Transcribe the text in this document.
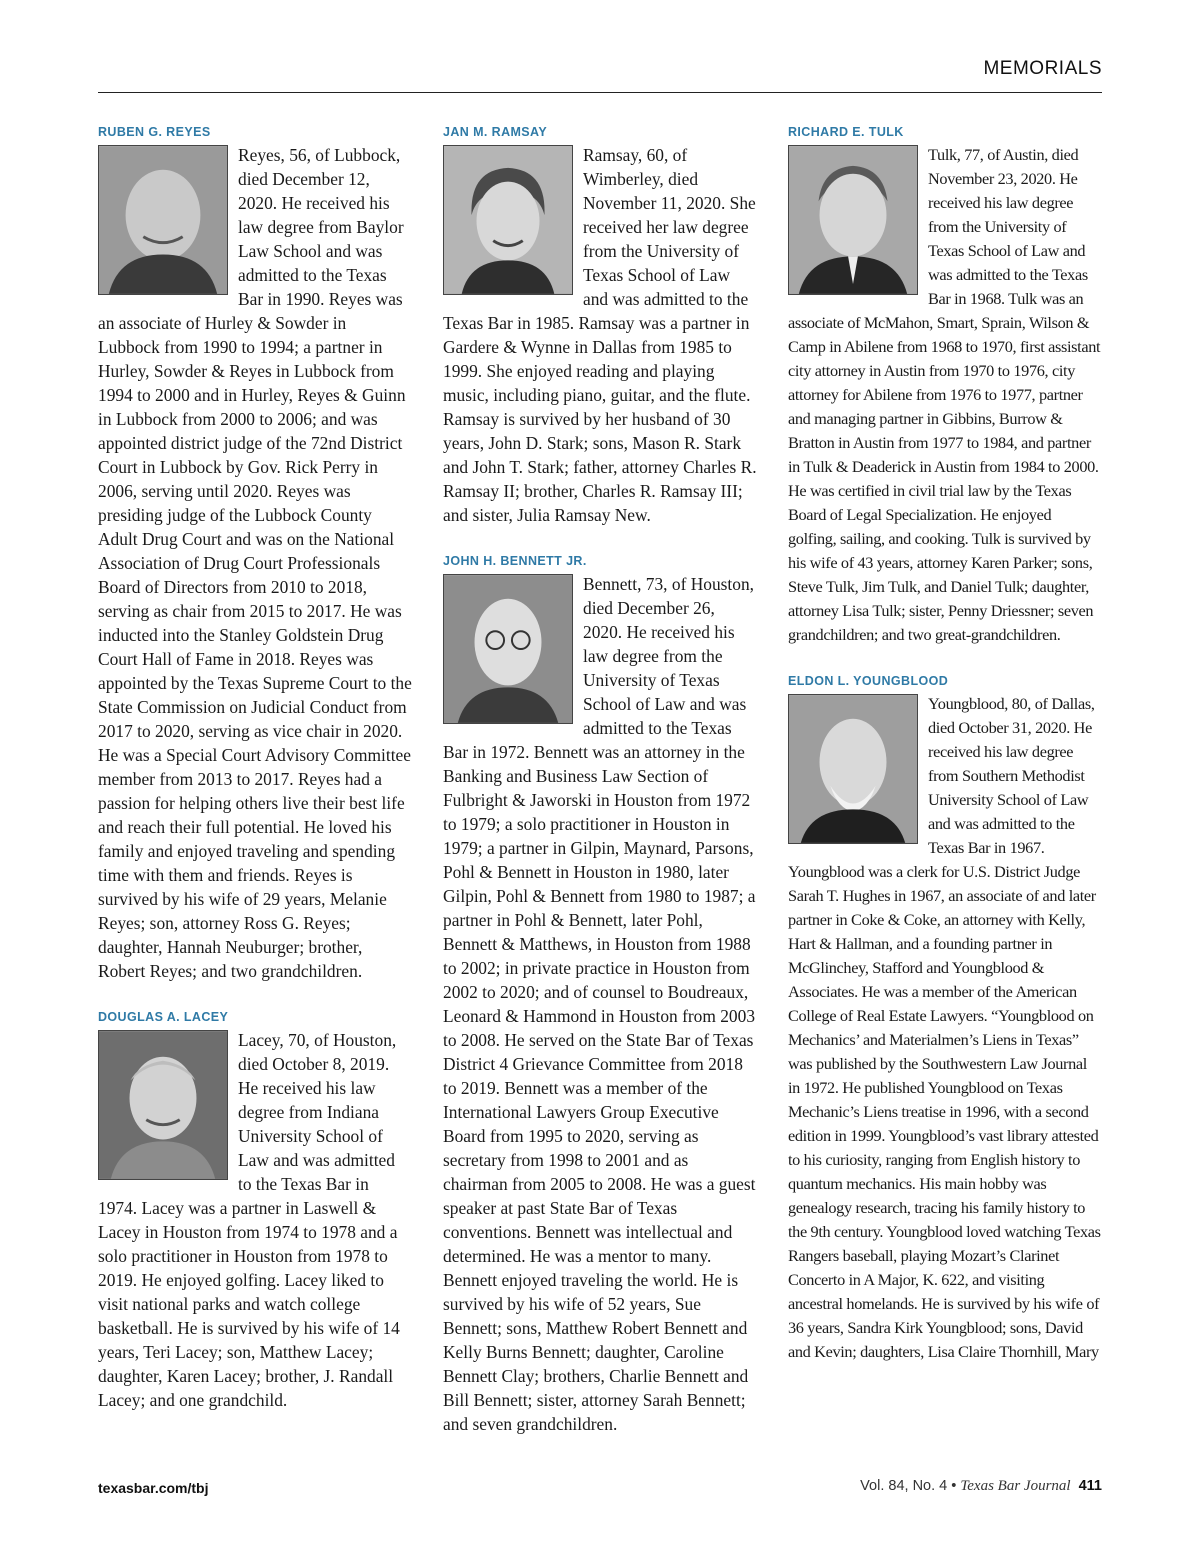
MEMORIALS
RUBEN G. REYES

Reyes, 56, of Lubbock, died December 12, 2020. He received his law degree from Baylor Law School and was admitted to the Texas Bar in 1990. Reyes was an associate of Hurley & Sowder in Lubbock from 1990 to 1994; a partner in Hurley, Sowder & Reyes in Lubbock from 1994 to 2000 and in Hurley, Reyes & Guinn in Lubbock from 2000 to 2006; and was appointed district judge of the 72nd District Court in Lubbock by Gov. Rick Perry in 2006, serving until 2020. Reyes was presiding judge of the Lubbock County Adult Drug Court and was on the National Association of Drug Court Professionals Board of Directors from 2010 to 2018, serving as chair from 2015 to 2017. He was inducted into the Stanley Goldstein Drug Court Hall of Fame in 2018. Reyes was appointed by the Texas Supreme Court to the State Commission on Judicial Conduct from 2017 to 2020, serving as vice chair in 2020. He was a Special Court Advisory Committee member from 2013 to 2017. Reyes had a passion for helping others live their best life and reach their full potential. He loved his family and enjoyed traveling and spending time with them and friends. Reyes is survived by his wife of 29 years, Melanie Reyes; son, attorney Ross G. Reyes; daughter, Hannah Neuburger; brother, Robert Reyes; and two grandchildren.

DOUGLAS A. LACEY

Lacey, 70, of Houston, died October 8, 2019. He received his law degree from Indiana University School of Law and was admitted to the Texas Bar in 1974. Lacey was a partner in Laswell & Lacey in Houston from 1974 to 1978 and a solo practitioner in Houston from 1978 to 2019. He enjoyed golfing. Lacey liked to visit national parks and watch college basketball. He is survived by his wife of 14 years, Teri Lacey; son, Matthew Lacey; daughter, Karen Lacey; brother, J. Randall Lacey; and one grandchild.

JAN M. RAMSAY

Ramsay, 60, of Wimberley, died November 11, 2020. She received her law degree from the University of Texas School of Law and was admitted to the Texas Bar in 1985. Ramsay was a partner in Gardere & Wynne in Dallas from 1985 to 1999. She enjoyed reading and playing music, including piano, guitar, and the flute. Ramsay is survived by her husband of 30 years, John D. Stark; sons, Mason R. Stark and John T. Stark; father, attorney Charles R. Ramsay II; brother, Charles R. Ramsay III; and sister, Julia Ramsay New.

JOHN H. BENNETT JR.

Bennett, 73, of Houston, died December 26, 2020. He received his law degree from the University of Texas School of Law and was admitted to the Texas Bar in 1972. Bennett was an attorney in the Banking and Business Law Section of Fulbright & Jaworski in Houston from 1972 to 1979; a solo practitioner in Houston in 1979; a partner in Gilpin, Maynard, Parsons, Pohl & Bennett in Houston in 1980, later Gilpin, Pohl & Bennett from 1980 to 1987; a partner in Pohl & Bennett, later Pohl, Bennett & Matthews, in Houston from 1988 to 2002; in private practice in Houston from 2002 to 2020; and of counsel to Boudreaux, Leonard & Hammond in Houston from 2003 to 2008. He served on the State Bar of Texas District 4 Grievance Committee from 2018 to 2019. Bennett was a member of the International Lawyers Group Executive Board from 1995 to 2020, serving as secretary from 1998 to 2001 and as chairman from 2005 to 2008. He was a guest speaker at past State Bar of Texas conventions. Bennett was intellectual and determined. He was a mentor to many. Bennett enjoyed traveling the world. He is survived by his wife of 52 years, Sue Bennett; sons, Matthew Robert Bennett and Kelly Burns Bennett; daughter, Caroline Bennett Clay; brothers, Charlie Bennett and Bill Bennett; sister, attorney Sarah Bennett; and seven grandchildren.

RICHARD E. TULK

Tulk, 77, of Austin, died November 23, 2020. He received his law degree from the University of Texas School of Law and was admitted to the Texas Bar in 1968. Tulk was an associate of McMahon, Smart, Sprain, Wilson & Camp in Abilene from 1968 to 1970, first assistant city attorney in Austin from 1970 to 1976, city attorney for Abilene from 1976 to 1977, partner and managing partner in Gibbins, Burrow & Bratton in Austin from 1977 to 1984, and partner in Tulk & Deaderick in Austin from 1984 to 2000. He was certified in civil trial law by the Texas Board of Legal Specialization. He enjoyed golfing, sailing, and cooking. Tulk is survived by his wife of 43 years, attorney Karen Parker; sons, Steve Tulk, Jim Tulk, and Daniel Tulk; daughter, attorney Lisa Tulk; sister, Penny Driessner; seven grandchildren; and two great-grandchildren.

ELDON L. YOUNGBLOOD

Youngblood, 80, of Dallas, died October 31, 2020. He received his law degree from Southern Methodist University School of Law and was admitted to the Texas Bar in 1967. Youngblood was a clerk for U.S. District Judge Sarah T. Hughes in 1967, an associate of and later partner in Coke & Coke, an attorney with Kelly, Hart & Hallman, and a founding partner in McGlinchey, Stafford and Youngblood & Associates. He was a member of the American College of Real Estate Lawyers. “Youngblood on Mechanics’ and Materialmen’s Liens in Texas” was published by the Southwestern Law Journal in 1972. He published Youngblood on Texas Mechanic’s Liens treatise in 1996, with a second edition in 1999. Youngblood’s vast library attested to his curiosity, ranging from English history to quantum mechanics. His main hobby was genealogy research, tracing his family history to the 9th century. Youngblood loved watching Texas Rangers baseball, playing Mozart’s Clarinet Concerto in A Major, K. 622, and visiting ancestral homelands. He is survived by his wife of 36 years, Sandra Kirk Youngblood; sons, David and Kevin; daughters, Lisa Claire Thornhill, Mary

texasbar.com/tbj	Vol. 84, No. 4 • Texas Bar Journal 411
